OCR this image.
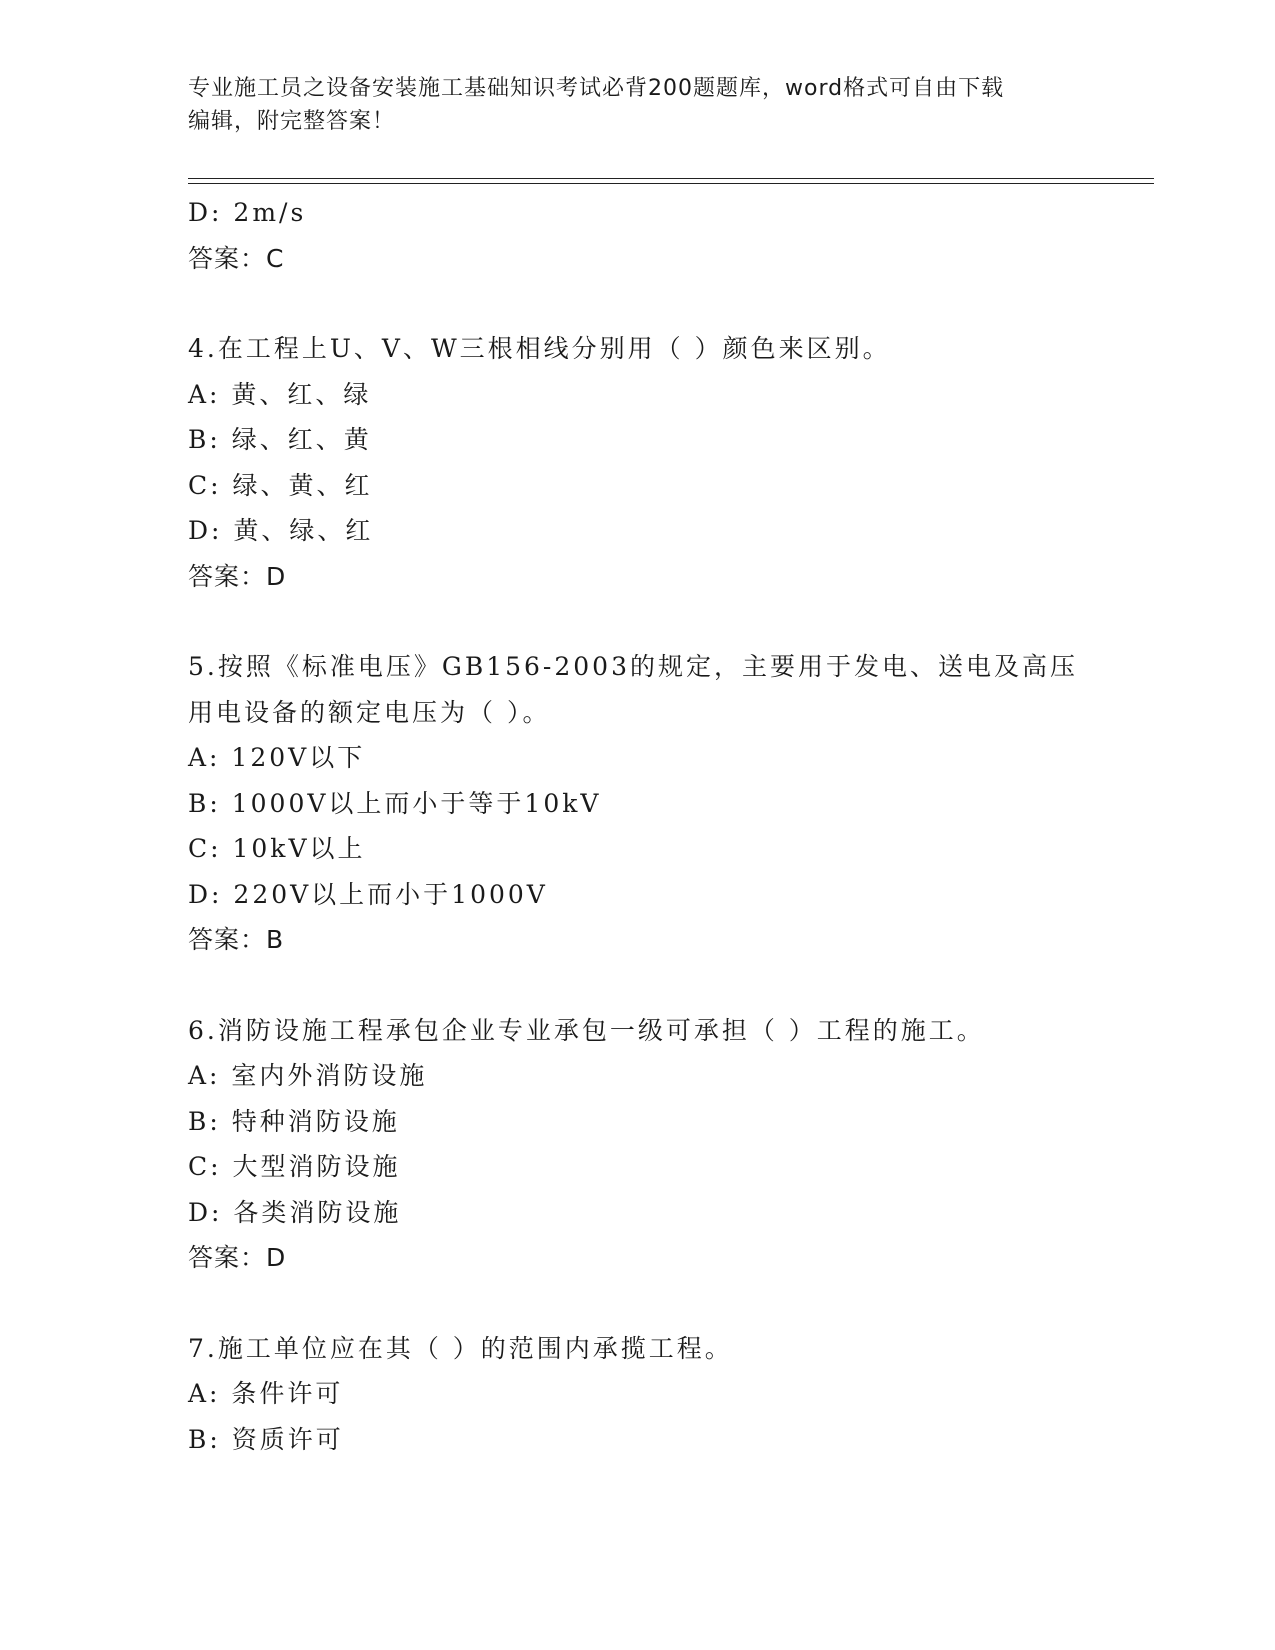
专业施工员之设备安装施工基础知识考试必背200题题库，word格式可自由下载
编辑，附完整答案！
D: 2m/s
答案：C
4.在工程上U、V、W三根相线分别用（ ）颜色来区别。
A: 黄、红、绿
B: 绿、红、黄
C: 绿、黄、红
D: 黄、绿、红
答案：D
5.按照《标准电压》GB156-2003的规定，主要用于发电、送电及高压
用电设备的额定电压为（ ）。
A: 120V以下
B: 1000V以上而小于等于10kV
C: 10kV以上
D: 220V以上而小于1000V
答案：B
6.消防设施工程承包企业专业承包一级可承担（ ）工程的施工。
A: 室内外消防设施
B: 特种消防设施
C: 大型消防设施
D: 各类消防设施
答案：D
7.施工单位应在其（ ）的范围内承揽工程。
A: 条件许可
B: 资质许可
